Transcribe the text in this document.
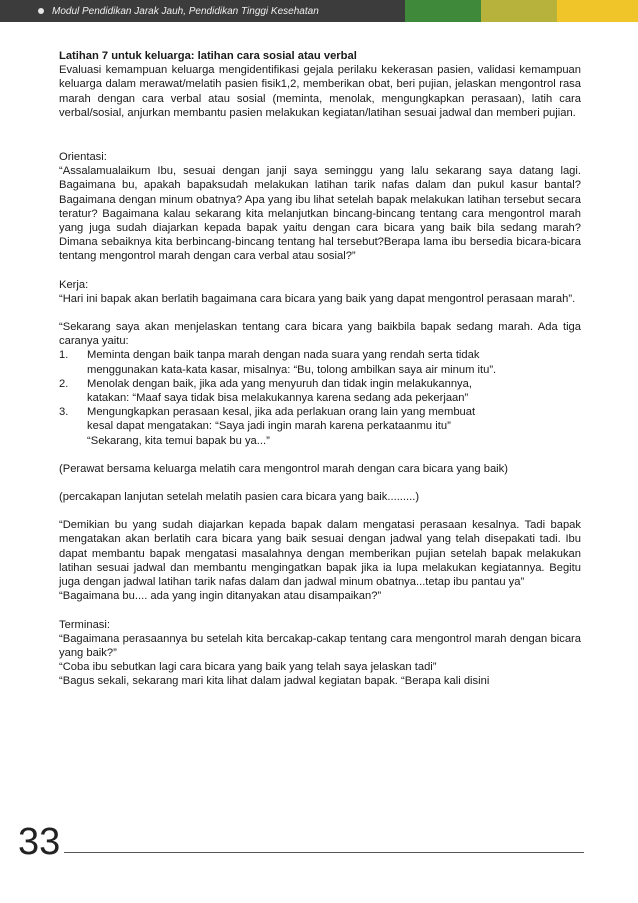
Modul Pendidikan Jarak Jauh, Pendidikan Tinggi Kesehatan

Latihan 7 untuk keluarga: latihan cara sosial atau verbal

Evaluasi kemampuan keluarga mengidentifikasi gejala perilaku kekerasan pasien, validasi kemampuan keluarga dalam merawat/melatih pasien fisik1,2, memberikan obat, beri pujian, jelaskan mengontrol rasa marah dengan cara verbal atau sosial (meminta, menolak, mengungkapkan perasaan), latih cara verbal/sosial, anjurkan membantu pasien melakukan kegiatan/latihan sesuai jadwal dan memberi pujian.

Orientasi:

“Assalamualaikum Ibu, sesuai dengan janji saya seminggu yang lalu sekarang saya datang lagi. Bagaimana bu, apakah bapaksudah melakukan latihan tarik nafas dalam dan pukul kasur bantal?Bagaimana dengan minum obatnya? Apa yang ibu lihat setelah bapak melakukan latihan tersebut secara teratur? Bagaimana kalau sekarang kita melanjutkan bincang-bincang tentang cara mengontrol marah yang juga sudah diajarkan kepada bapak yaitu dengan cara bicara yang baik bila sedang marah? Dimana sebaiknya kita berbincang-bincang tentang hal tersebut?Berapa lama ibu bersedia bicara-bicara tentang mengontrol marah dengan cara verbal atau sosial?”

Kerja:

“Hari ini bapak akan berlatih bagaimana cara bicara yang baik yang dapat mengontrol perasaan marah”.

“Sekarang saya akan menjelaskan tentang cara bicara yang baikbila bapak sedang marah. Ada tiga caranya yaitu:

1.	Meminta dengan baik tanpa marah dengan nada suara yang rendah serta tidak
menggunakan kata-kata kasar, misalnya: “Bu, tolong ambilkan saya air minum itu”.
2.	Menolak dengan baik, jika ada yang menyuruh dan tidak ingin melakukannya,
katakan: “Maaf saya tidak bisa melakukannya karena sedang ada pekerjaan”
3.	Mengungkapkan perasaan kesal, jika ada perlakuan orang lain yang membuat
kesal dapat mengatakan: “Saya jadi ingin marah karena perkataanmu itu”
“Sekarang, kita temui bapak bu ya...”

(Perawat bersama keluarga melatih cara mengontrol marah dengan cara bicara yang baik)

(percakapan lanjutan setelah melatih pasien cara bicara yang baik.........)

“Demikian bu yang sudah diajarkan kepada bapak dalam mengatasi perasaan kesalnya. Tadi bapak mengatakan akan berlatih cara bicara yang baik sesuai dengan jadwal yang telah disepakati tadi. Ibu dapat membantu bapak mengatasi masalahnya dengan memberikan pujian setelah bapak melakukan latihan sesuai jadwal dan membantu mengingatkan bapak jika ia lupa melakukan kegiatannya. Begitu juga dengan jadwal latihan tarik nafas dalam dan jadwal minum obatnya...tetap ibu pantau ya”

“Bagaimana bu.... ada yang ingin ditanyakan atau disampaikan?”

Terminasi:

“Bagaimana perasaannya bu setelah kita bercakap-cakap tentang cara mengontrol marah dengan bicara yang baik?”

“Coba ibu sebutkan lagi cara bicara yang baik yang telah saya jelaskan tadi”

“Bagus sekali, sekarang mari kita lihat dalam jadwal kegiatan bapak. “Berapa kali disini

33
